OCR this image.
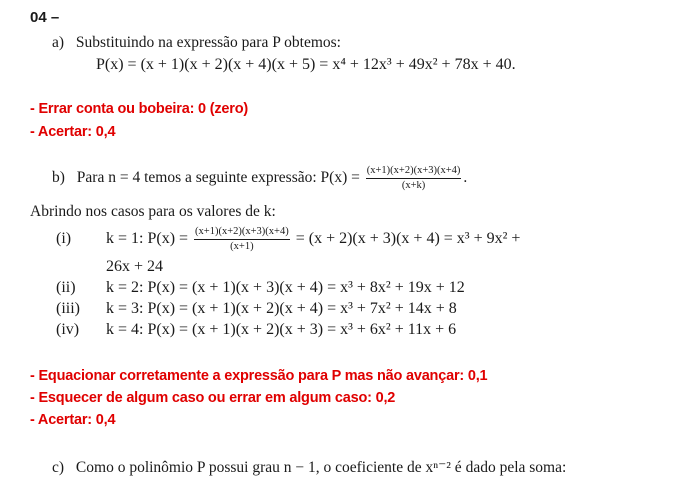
04 –
a) Substituindo na expressão para P obtemos:
P(x) = (x + 1)(x + 2)(x + 4)(x + 5) = x⁴ + 12x³ + 49x² + 78x + 40.
- Errar conta ou bobeira: 0 (zero)
- Acertar: 0,4
b) Para n = 4 temos a seguinte expressão: $P(x) = \frac{(x+1)(x+2)(x+3)(x+4)}{(x+k)}$ .
Abrindo nos casos para os valores de k:
(i) k = 1: $P(x) = \frac{(x+1)(x+2)(x+3)(x+4)}{(x+1)} = (x + 2)(x + 3)(x + 4) = x^3 + 9x^2$ +
26x + 24
(ii) k = 2: P(x) = (x + 1)(x + 3)(x + 4) = x³ + 8x² + 19x + 12
(iii) k = 3: P(x) = (x + 1)(x + 2)(x + 4) = x³ + 7x² + 14x + 8
(iv) k = 4: P(x) = (x + 1)(x + 2)(x + 3) = x³ + 6x² + 11x + 6
- Equacionar corretamente a expressão para P mas não avançar: 0,1
- Esquecer de algum caso ou errar em algum caso: 0,2
- Acertar: 0,4
c) Como o polinômio P possui grau n − 1, o coeficiente de xⁿ⁻² é dado pela soma:
